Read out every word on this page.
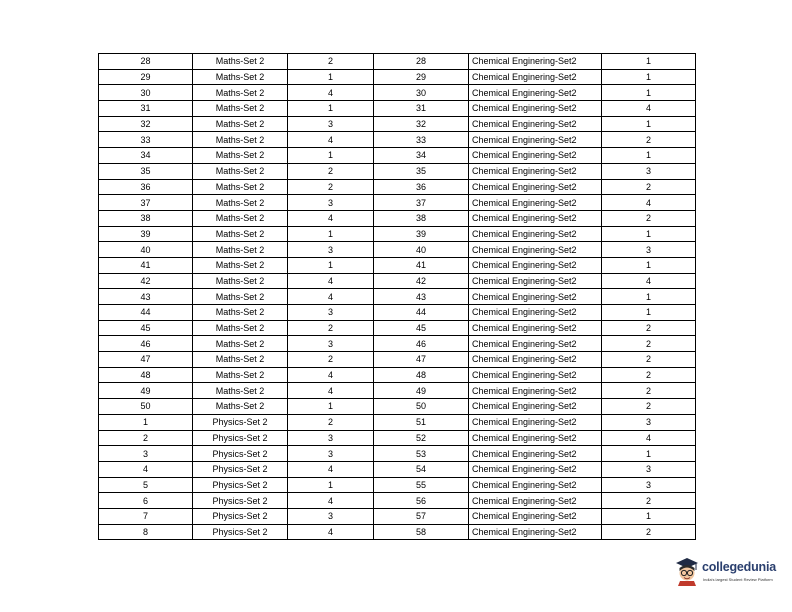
28	Maths-Set 2	2	28	Chemical Enginering-Set2	1
29	Maths-Set 2	1	29	Chemical Enginering-Set2	1
30	Maths-Set 2	4	30	Chemical Enginering-Set2	1
31	Maths-Set 2	1	31	Chemical Enginering-Set2	4
32	Maths-Set 2	3	32	Chemical Enginering-Set2	1
33	Maths-Set 2	4	33	Chemical Enginering-Set2	2
34	Maths-Set 2	1	34	Chemical Enginering-Set2	1
35	Maths-Set 2	2	35	Chemical Enginering-Set2	3
36	Maths-Set 2	2	36	Chemical Enginering-Set2	2
37	Maths-Set 2	3	37	Chemical Enginering-Set2	4
38	Maths-Set 2	4	38	Chemical Enginering-Set2	2
39	Maths-Set 2	1	39	Chemical Enginering-Set2	1
40	Maths-Set 2	3	40	Chemical Enginering-Set2	3
41	Maths-Set 2	1	41	Chemical Enginering-Set2	1
42	Maths-Set 2	4	42	Chemical Enginering-Set2	4
43	Maths-Set 2	4	43	Chemical Enginering-Set2	1
44	Maths-Set 2	3	44	Chemical Enginering-Set2	1
45	Maths-Set 2	2	45	Chemical Enginering-Set2	2
46	Maths-Set 2	3	46	Chemical Enginering-Set2	2
47	Maths-Set 2	2	47	Chemical Enginering-Set2	2
48	Maths-Set 2	4	48	Chemical Enginering-Set2	2
49	Maths-Set 2	4	49	Chemical Enginering-Set2	2
50	Maths-Set 2	1	50	Chemical Enginering-Set2	2
1	Physics-Set 2	2	51	Chemical Enginering-Set2	3
2	Physics-Set 2	3	52	Chemical Enginering-Set2	4
3	Physics-Set 2	3	53	Chemical Enginering-Set2	1
4	Physics-Set 2	4	54	Chemical Enginering-Set2	3
5	Physics-Set 2	1	55	Chemical Enginering-Set2	3
6	Physics-Set 2	4	56	Chemical Enginering-Set2	2
7	Physics-Set 2	3	57	Chemical Enginering-Set2	1
8	Physics-Set 2	4	58	Chemical Enginering-Set2	2
collegedunia
India's largest Student Review Platform
